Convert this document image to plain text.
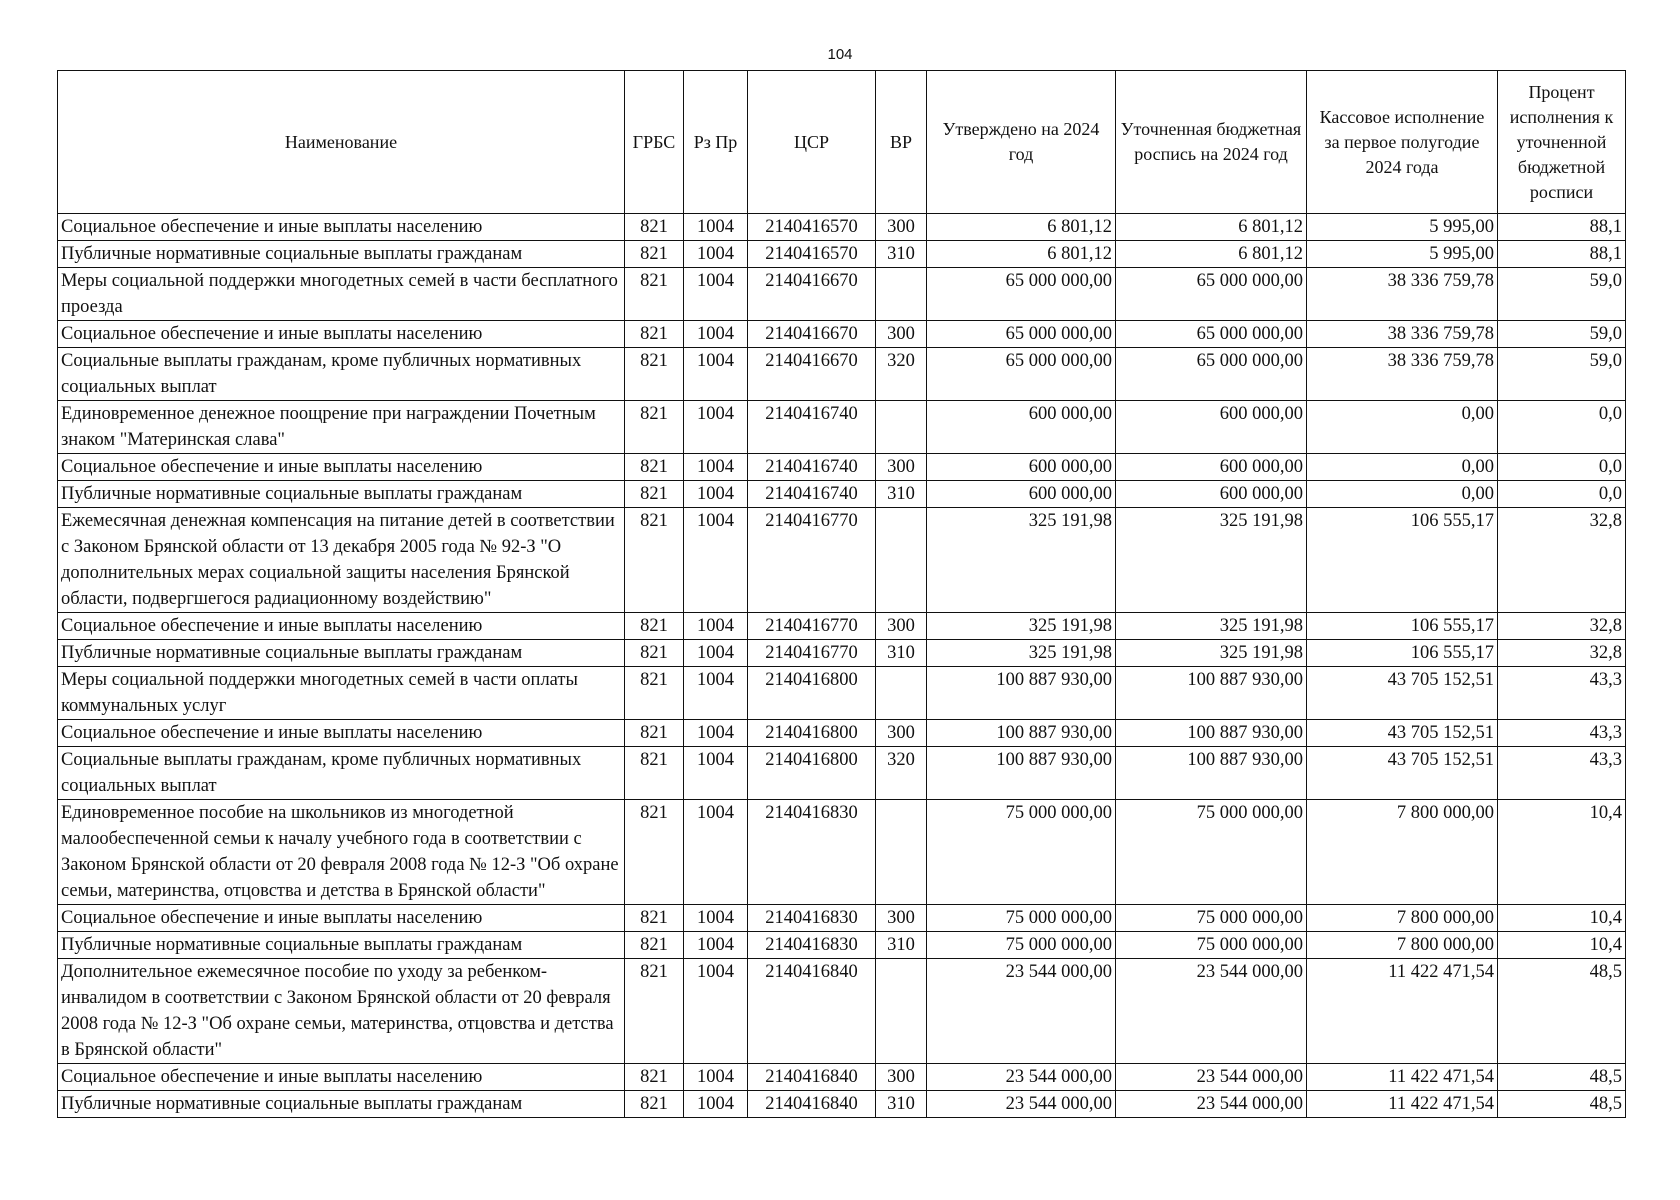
104
Наименование	ГРБС	Рз Пр	ЦСР	ВР	Утверждено на 2024 год	Уточненная бюджетная роспись на 2024 год	Кассовое исполнение за первое полугодие 2024 года	Процент исполнения к уточненной бюджетной росписи
Социальное обеспечение и иные выплаты населению	821	1004	2140416570	300	6 801,12	6 801,12	5 995,00	88,1
Публичные нормативные социальные выплаты гражданам	821	1004	2140416570	310	6 801,12	6 801,12	5 995,00	88,1
Меры социальной поддержки многодетных семей в части бесплатного проезда	821	1004	2140416670		65 000 000,00	65 000 000,00	38 336 759,78	59,0
Социальное обеспечение и иные выплаты населению	821	1004	2140416670	300	65 000 000,00	65 000 000,00	38 336 759,78	59,0
Социальные выплаты гражданам, кроме публичных нормативных социальных выплат	821	1004	2140416670	320	65 000 000,00	65 000 000,00	38 336 759,78	59,0
Единовременное денежное поощрение при награждении Почетным знаком "Материнская слава"	821	1004	2140416740		600 000,00	600 000,00	0,00	0,0
Социальное обеспечение и иные выплаты населению	821	1004	2140416740	300	600 000,00	600 000,00	0,00	0,0
Публичные нормативные социальные выплаты гражданам	821	1004	2140416740	310	600 000,00	600 000,00	0,00	0,0
Ежемесячная денежная компенсация на питание детей в соответствии с Законом Брянской области от 13 декабря 2005 года № 92-З "О дополнительных мерах социальной защиты населения Брянской области, подвергшегося радиационному воздействию"	821	1004	2140416770		325 191,98	325 191,98	106 555,17	32,8
Социальное обеспечение и иные выплаты населению	821	1004	2140416770	300	325 191,98	325 191,98	106 555,17	32,8
Публичные нормативные социальные выплаты гражданам	821	1004	2140416770	310	325 191,98	325 191,98	106 555,17	32,8
Меры социальной поддержки многодетных семей в части оплаты коммунальных услуг	821	1004	2140416800		100 887 930,00	100 887 930,00	43 705 152,51	43,3
Социальное обеспечение и иные выплаты населению	821	1004	2140416800	300	100 887 930,00	100 887 930,00	43 705 152,51	43,3
Социальные выплаты гражданам, кроме публичных нормативных социальных выплат	821	1004	2140416800	320	100 887 930,00	100 887 930,00	43 705 152,51	43,3
Единовременное пособие на школьников из многодетной малообеспеченной семьи к началу учебного года в соответствии с Законом Брянской области от 20 февраля 2008 года № 12-З "Об охране семьи, материнства, отцовства и детства в Брянской области"	821	1004	2140416830		75 000 000,00	75 000 000,00	7 800 000,00	10,4
Социальное обеспечение и иные выплаты населению	821	1004	2140416830	300	75 000 000,00	75 000 000,00	7 800 000,00	10,4
Публичные нормативные социальные выплаты гражданам	821	1004	2140416830	310	75 000 000,00	75 000 000,00	7 800 000,00	10,4
Дополнительное ежемесячное пособие по уходу за ребенком-инвалидом в соответствии с Законом Брянской области от 20 февраля 2008 года № 12-З "Об охране семьи, материнства, отцовства и детства в Брянской области"	821	1004	2140416840		23 544 000,00	23 544 000,00	11 422 471,54	48,5
Социальное обеспечение и иные выплаты населению	821	1004	2140416840	300	23 544 000,00	23 544 000,00	11 422 471,54	48,5
Публичные нормативные социальные выплаты гражданам	821	1004	2140416840	310	23 544 000,00	23 544 000,00	11 422 471,54	48,5
